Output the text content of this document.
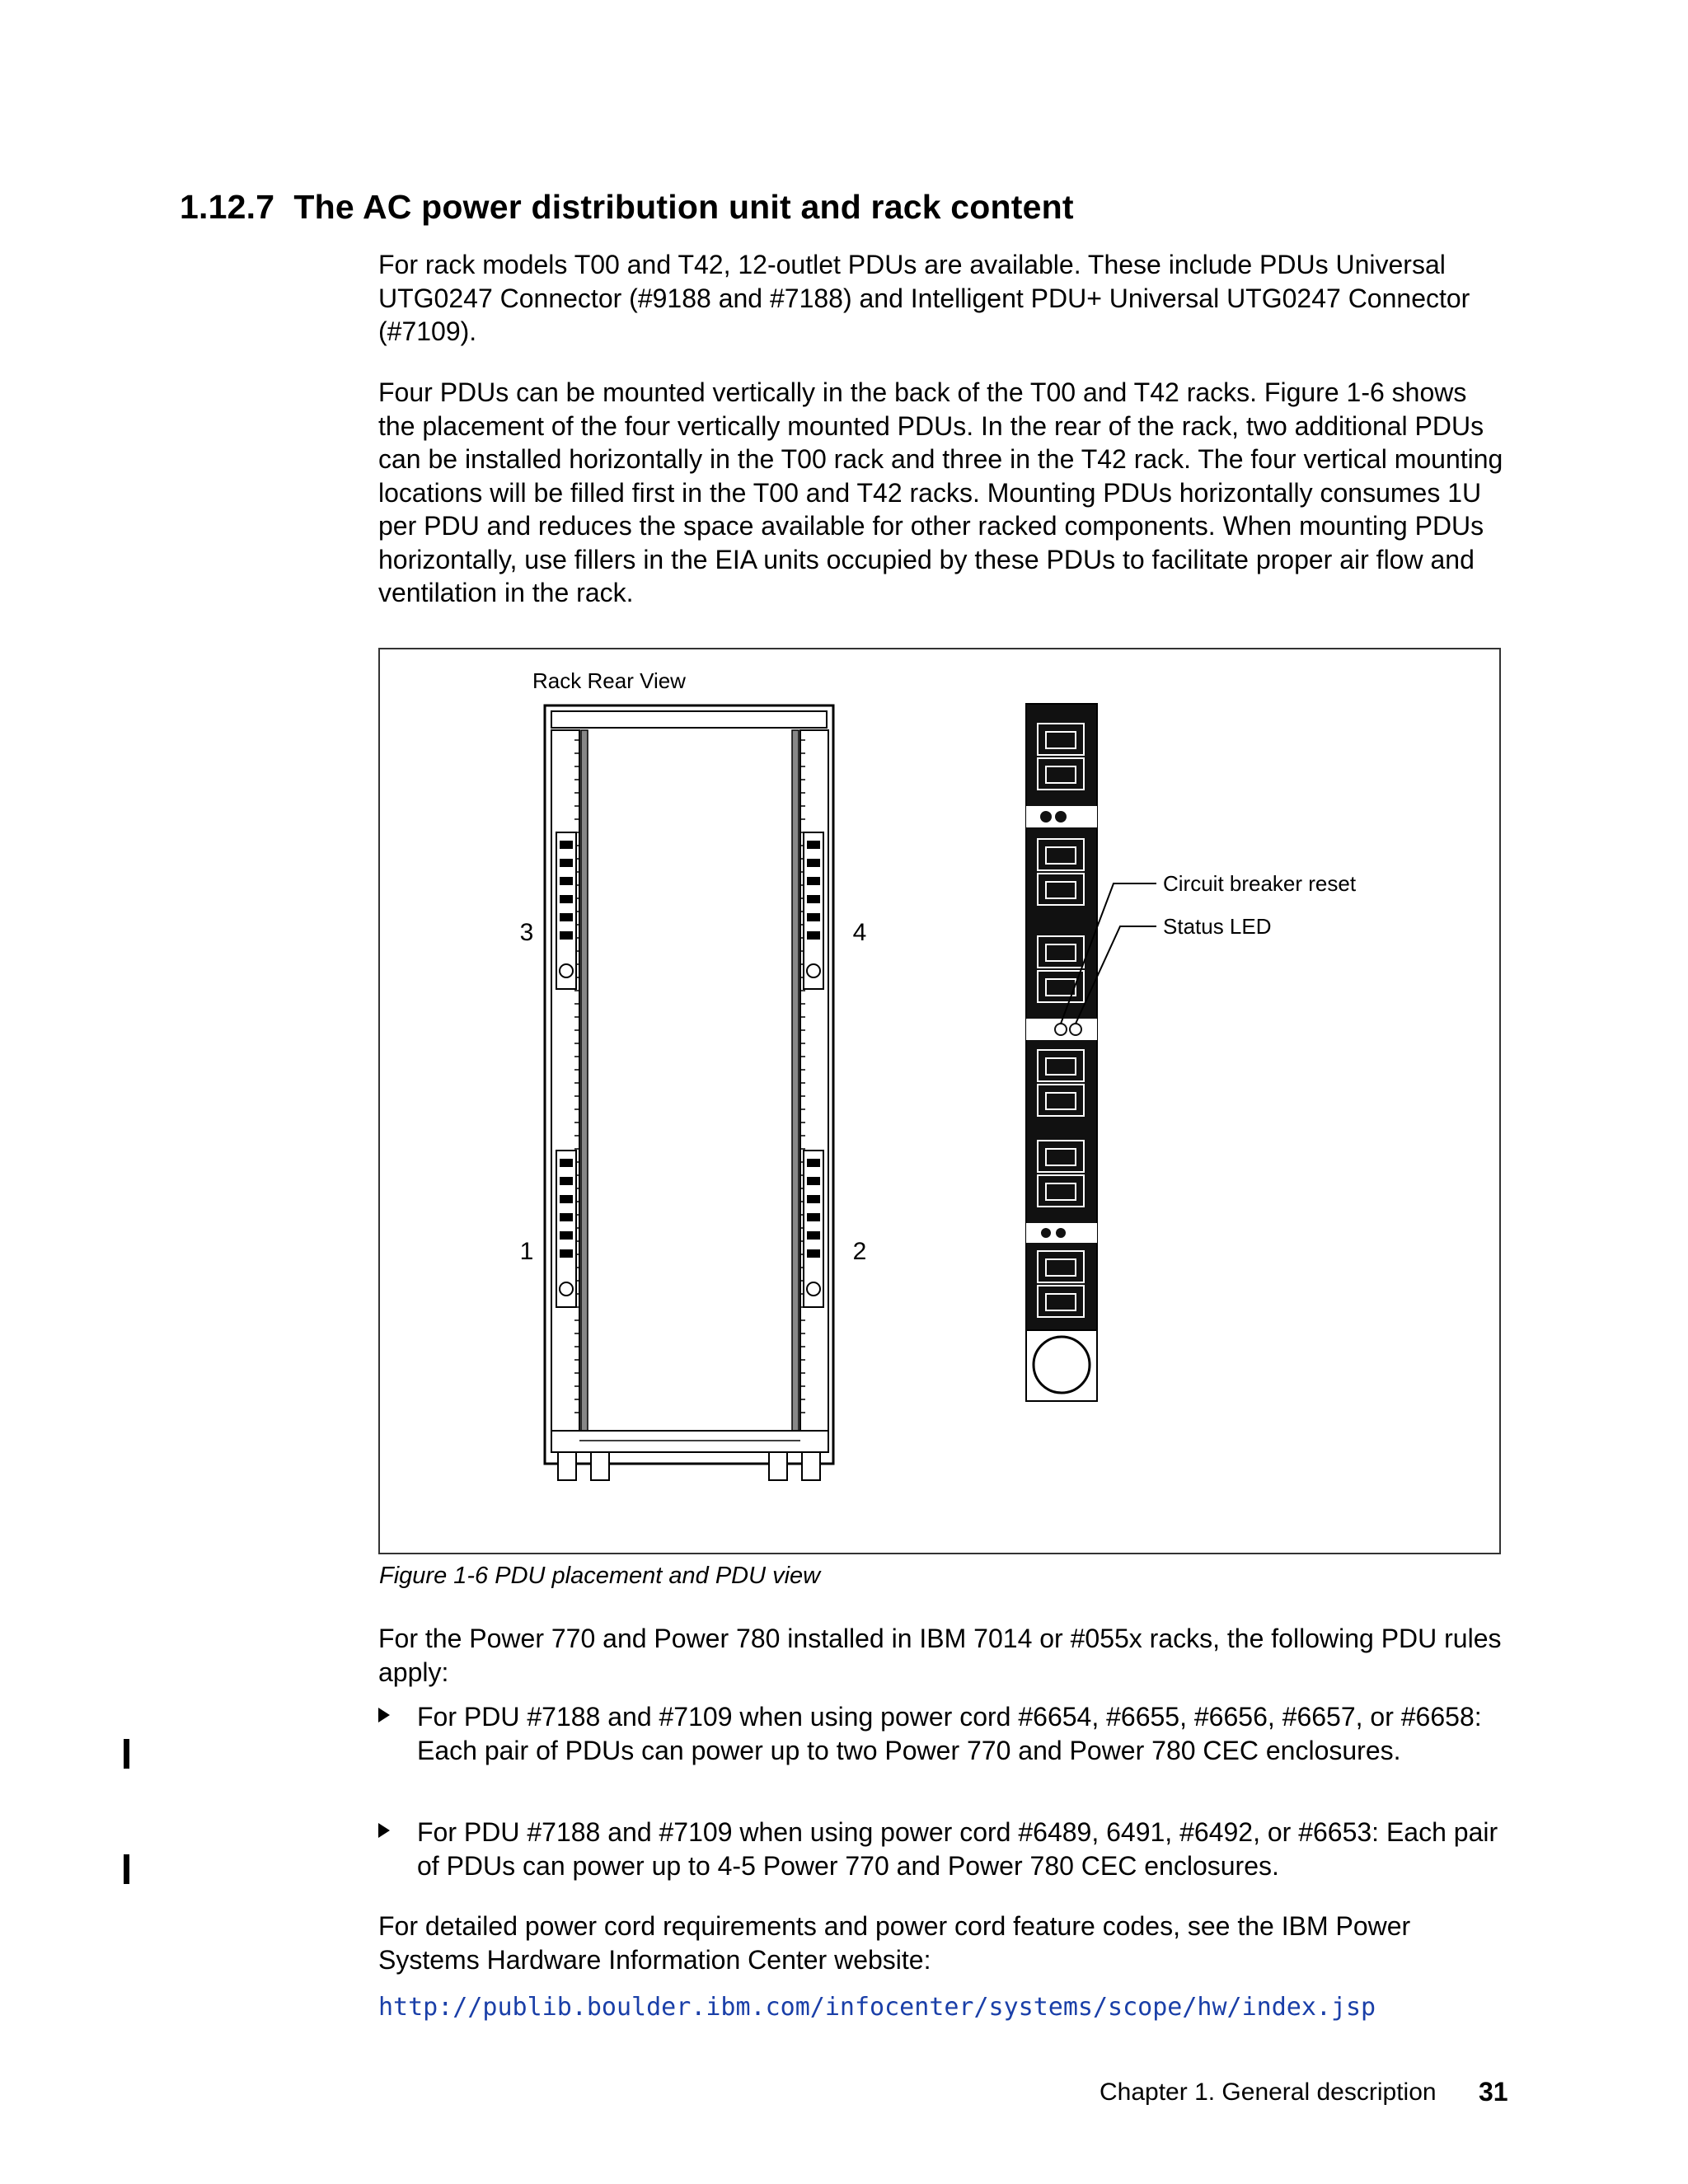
1.12.7 The AC power distribution unit and rack content

For rack models T00 and T42, 12-outlet PDUs are available. These include PDUs Universal UTG0247 Connector (#9188 and #7188) and Intelligent PDU+ Universal UTG0247 Connector (#7109).

Four PDUs can be mounted vertically in the back of the T00 and T42 racks. Figure 1-6 shows the placement of the four vertically mounted PDUs. In the rear of the rack, two additional PDUs can be installed horizontally in the T00 rack and three in the T42 rack. The four vertical mounting locations will be filled first in the T00 and T42 racks. Mounting PDUs horizontally consumes 1U per PDU and reduces the space available for other racked components. When mounting PDUs horizontally, use fillers in the EIA units occupied by these PDUs to facilitate proper air flow and ventilation in the rack.

Rack Rear View
3	4
1	2
Circuit breaker reset
Status LED
Figure 1-6 PDU placement and PDU view

For the Power 770 and Power 780 installed in IBM 7014 or #055x racks, the following PDU rules apply:

For PDU #7188 and #7109 when using power cord #6654, #6655, #6656, #6657, or #6658: Each pair of PDUs can power up to two Power 770 and Power 780 CEC enclosures.
For PDU #7188 and #7109 when using power cord #6489, 6491, #6492, or #6653: Each pair of PDUs can power up to 4-5 Power 770 and Power 780 CEC enclosures.

For detailed power cord requirements and power cord feature codes, see the IBM Power Systems Hardware Information Center website:

http://publib.boulder.ibm.com/infocenter/systems/scope/hw/index.jsp
Chapter 1. General description 31
